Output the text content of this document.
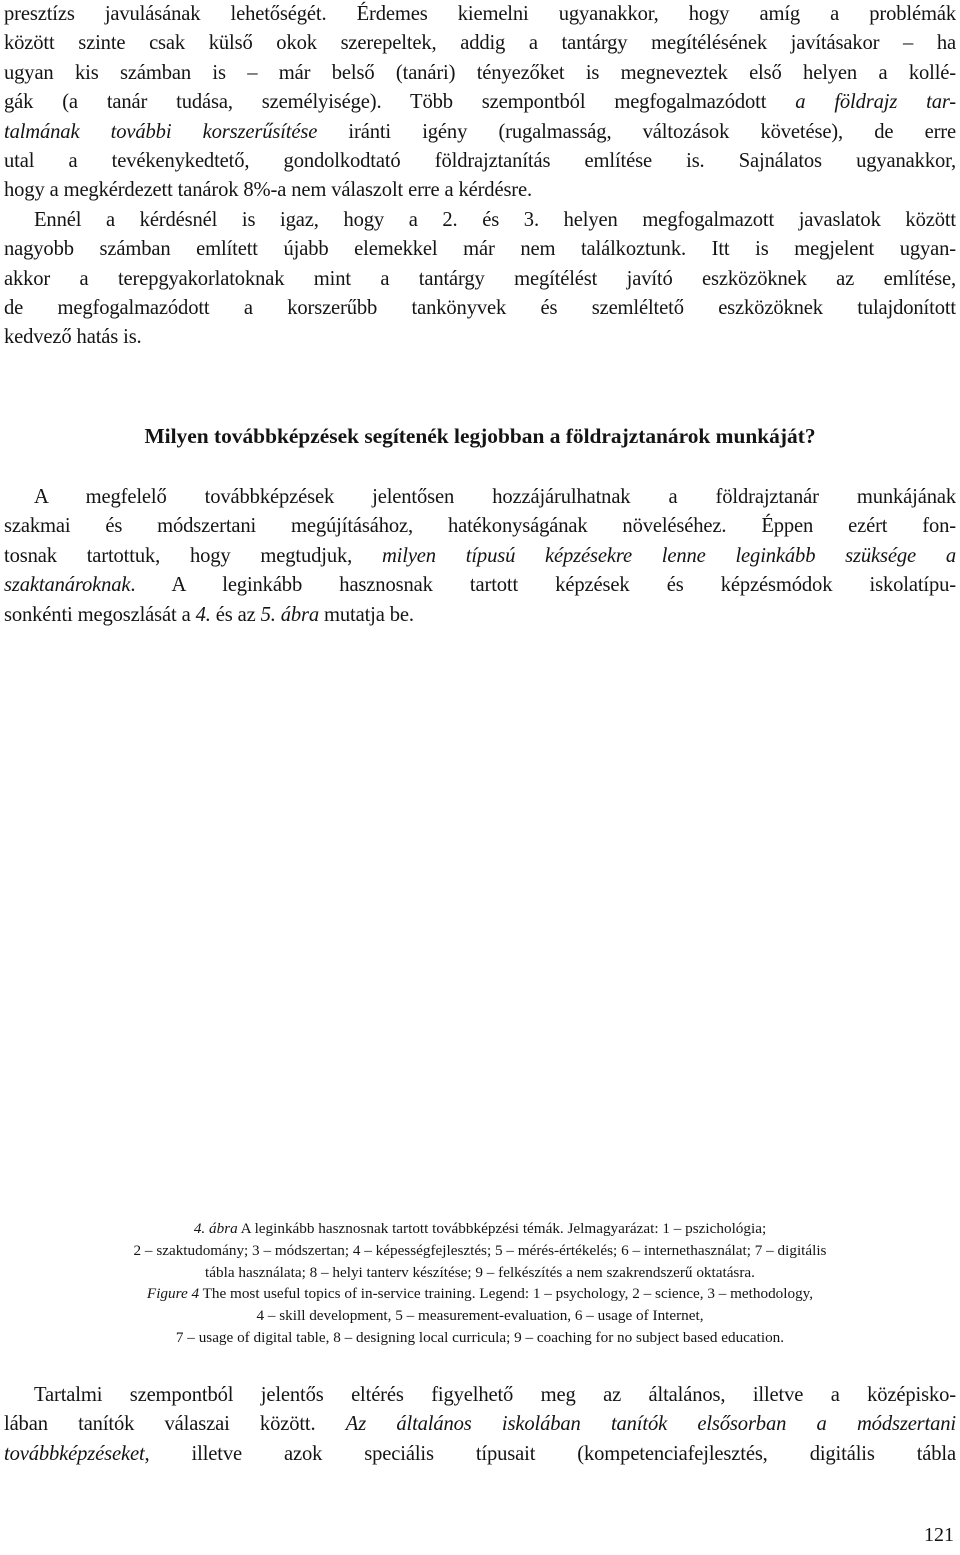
presztízs javulásának lehetőségét. Érdemes kiemelni ugyanakkor, hogy amíg a problémák
között szinte csak külső okok szerepeltek, addig a tantárgy megítélésének javításakor – ha
ugyan kis számban is – már belső (tanári) tényezőket is megneveztek első helyen a kollé-
gák (a tanár tudása, személyisége). Több szempontból megfogalmazódott a földrajz tar-
talmának további korszerűsítése iránti igény (rugalmasság, változások követése), de erre
utal a tevékenykedtető, gondolkodtató földrajztanítás említése is. Sajnálatos ugyanakkor,
hogy a megkérdezett tanárok 8%-a nem válaszolt erre a kérdésre.
Ennél a kérdésnél is igaz, hogy a 2. és 3. helyen megfogalmazott javaslatok között
nagyobb számban említett újabb elemekkel már nem találkoztunk. Itt is megjelent ugyan-
akkor a terepgyakorlatoknak mint a tantárgy megítélést javító eszközöknek az említése,
de megfogalmazódott a korszerűbb tankönyvek és szemléltető eszközöknek tulajdonított
kedvező hatás is.
Milyen továbbképzések segítenék legjobban a földrajztanárok munkáját?
A megfelelő továbbképzések jelentősen hozzájárulhatnak a földrajztanár munkájának
szakmai és módszertani megújításához, hatékonyságának növeléséhez. Éppen ezért fon-
tosnak tartottuk, hogy megtudjuk, milyen típusú képzésekre lenne leginkább szüksége a
szaktanároknak. A leginkább hasznosnak tartott képzések és képzésmódok iskolatípu-
sonkénti megoszlását a 4. és az 5. ábra mutatja be.
4. ábra A leginkább hasznosnak tartott továbbképzési témák. Jelmagyarázat: 1 – pszichológia;
2 – szaktudomány; 3 – módszertan; 4 – képességfejlesztés; 5 – mérés-értékelés; 6 – internethasználat; 7 – digitális
tábla használata; 8 – helyi tanterv készítése; 9 – felkészítés a nem szakrendszerű oktatásra.
Figure 4 The most useful topics of in-service training. Legend: 1 – psychology, 2 – science, 3 – methodology,
4 – skill development, 5 – measurement-evaluation, 6 – usage of Internet,
7 – usage of digital table, 8 – designing local curricula; 9 – coaching for no subject based education.
Tartalmi szempontból jelentős eltérés figyelhető meg az általános, illetve a középisko-
lában tanítók válaszai között. Az általános iskolában tanítók elsősorban a módszertani
továbbképzéseket, illetve azok speciális típusait (kompetenciafejlesztés, digitális tábla
121
